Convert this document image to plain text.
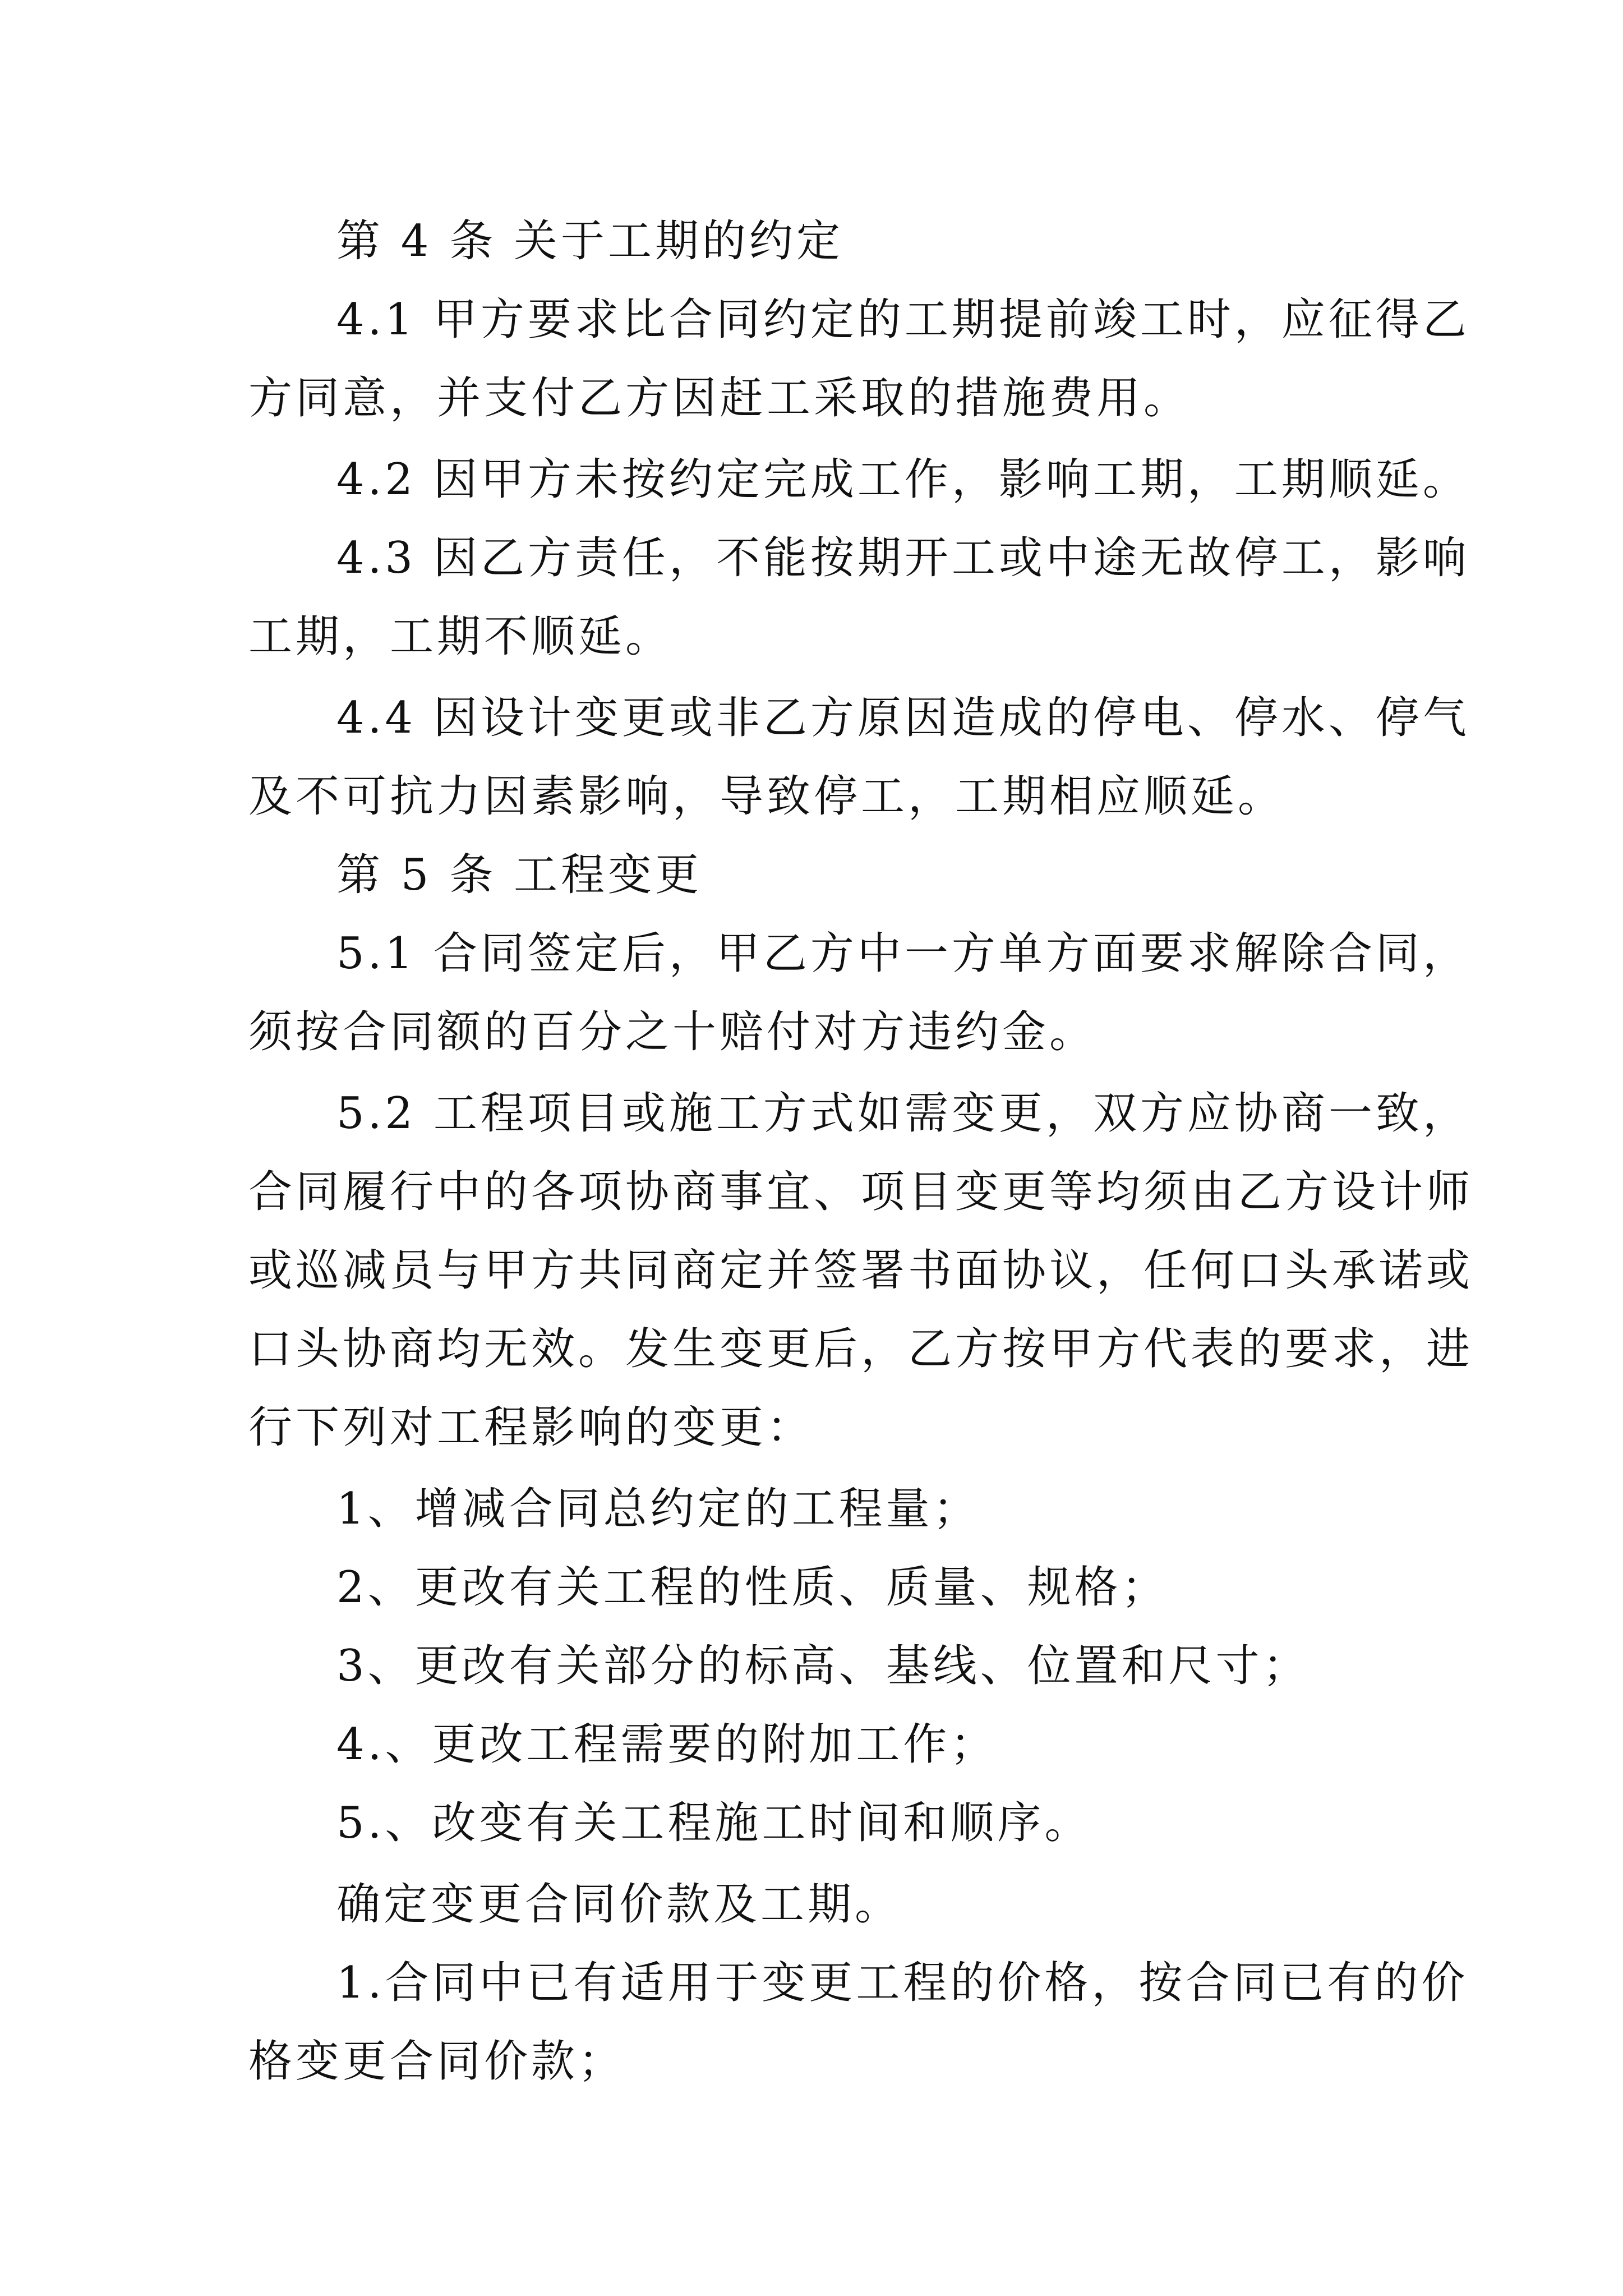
第 4 条 关于工期的约定
4.1 甲方要求比合同约定的工期提前竣工时，应征得乙
方同意，并支付乙方因赶工采取的措施费用。
4.2 因甲方未按约定完成工作，影响工期，工期顺延。
4.3 因乙方责任，不能按期开工或中途无故停工，影响
工期，工期不顺延。
4.4 因设计变更或非乙方原因造成的停电、停水、停气
及不可抗力因素影响，导致停工，工期相应顺延。
第 5 条 工程变更
5.1 合同签定后，甲乙方中一方单方面要求解除合同，
须按合同额的百分之十赔付对方违约金。
5.2 工程项目或施工方式如需变更，双方应协商一致，
合同履行中的各项协商事宜、项目变更等均须由乙方设计师
或巡减员与甲方共同商定并签署书面协议，任何口头承诺或
口头协商均无效。发生变更后，乙方按甲方代表的要求，进
行下列对工程影响的变更：
1、增减合同总约定的工程量；
2、更改有关工程的性质、质量、规格；
3、更改有关部分的标高、基线、位置和尺寸；
4.、更改工程需要的附加工作；
5.、改变有关工程施工时间和顺序。
确定变更合同价款及工期。
1.合同中已有适用于变更工程的价格，按合同已有的价
格变更合同价款；
